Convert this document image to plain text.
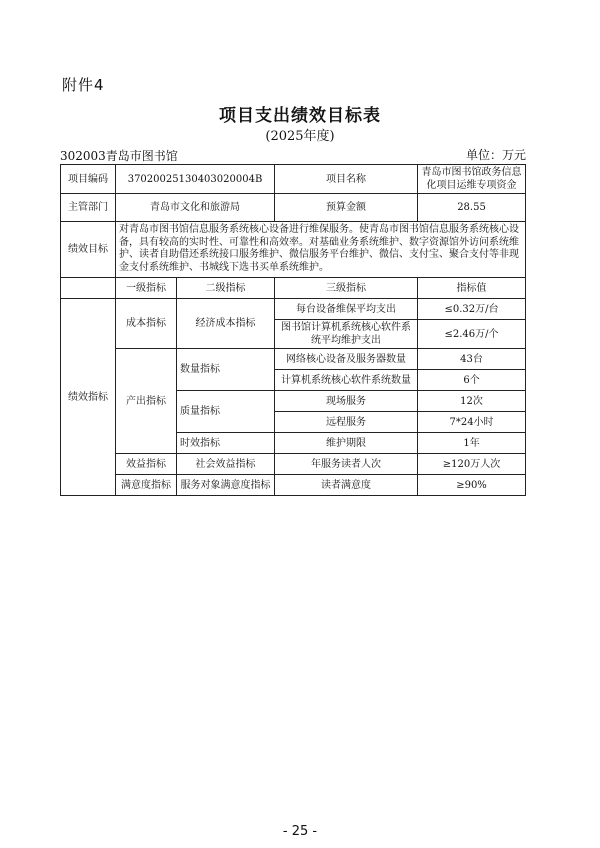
附件4
项目支出绩效目标表
(2025年度)
302003青岛市图书馆	单位：万元
项目编码	37020025130403020004B		项目名称	青岛市图书馆政务信息化项目运维专项资金
主管部门	青岛市文化和旅游局		预算金额	28.55
绩效目标	对青岛市图书馆信息服务系统核心设备进行维保服务。使青岛市图书馆信息服务系统核心设备，具有较高的实时性、可靠性和高效率。对基础业务系统维护、数字资源馆外访问系统维护、读者自助借还系统接口服务维护、微信服务平台维护、微信、支付宝、聚合支付等非现金支付系统维护、书城线下选书买单系统维护。			
	一级指标	二级指标	三级指标	指标值
绩效指标	成本指标	经济成本指标	每台设备维保平均支出	≤0.32万/台
			图书馆计算机系统核心软件系统平均维护支出	≤2.46万/个
	产出指标	数量指标	网络核心设备及服务器数量	43台
			计算机系统核心软件系统数量	6个
		质量指标	现场服务	12次
			远程服务	7*24小时
		时效指标	维护期限	1年
	效益指标	社会效益指标	年服务读者人次	≥120万人次
	满意度指标	服务对象满意度指标	读者满意度	≥90%
- 25 -
